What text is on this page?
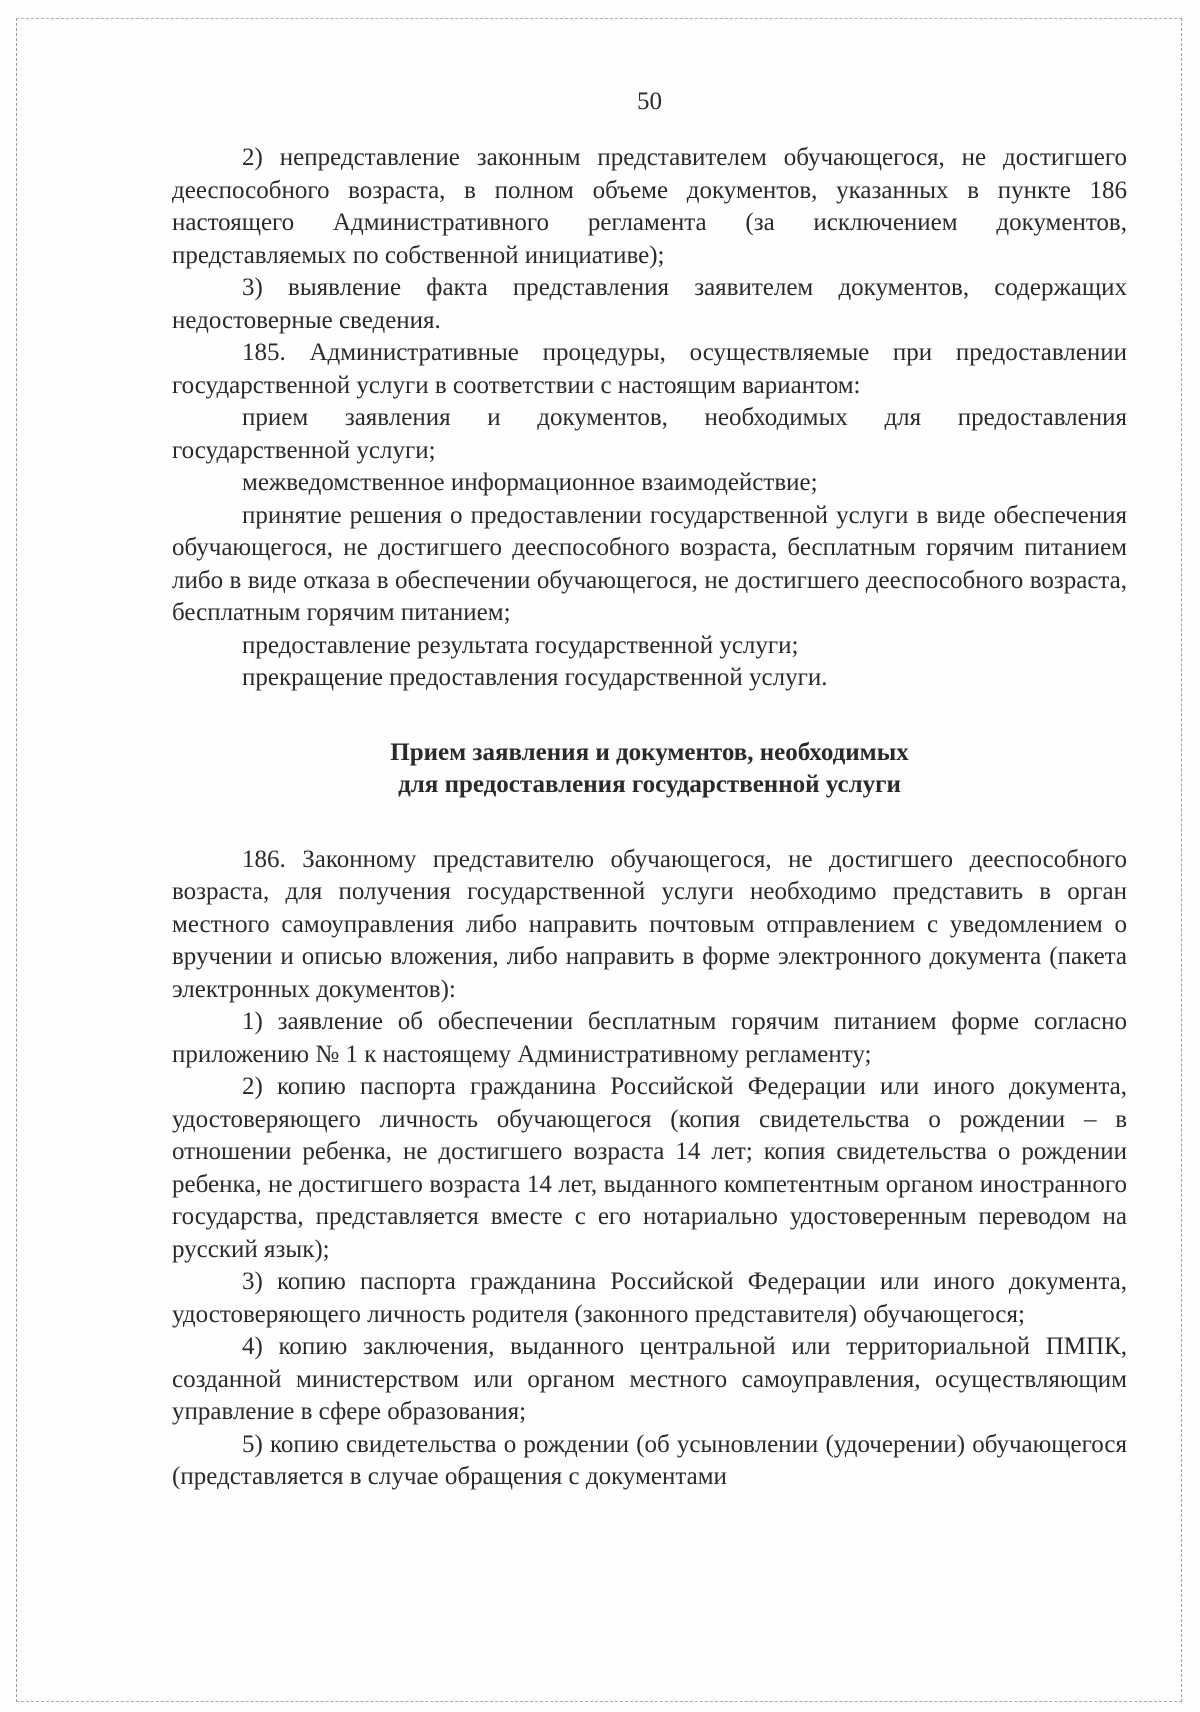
50

2) непредставление законным представителем обучающегося, не достигшего дееспособного возраста, в полном объеме документов, указанных в пункте 186 настоящего Административного регламента (за исключением документов, представляемых по собственной инициативе);

3) выявление факта представления заявителем документов, содержащих недостоверные сведения.

185. Административные процедуры, осуществляемые при предоставлении государственной услуги в соответствии с настоящим вариантом:

прием заявления и документов, необходимых для предоставления государственной услуги;

межведомственное информационное взаимодействие;

принятие решения о предоставлении государственной услуги в виде обеспечения обучающегося, не достигшего дееспособного возраста, бесплатным горячим питанием либо в виде отказа в обеспечении обучающегося, не достигшего дееспособного возраста, бесплатным горячим питанием;

предоставление результата государственной услуги;

прекращение предоставления государственной услуги.

Прием заявления и документов, необходимых
для предоставления государственной услуги

186. Законному представителю обучающегося, не достигшего дееспособного возраста, для получения государственной услуги необходимо представить в орган местного самоуправления либо направить почтовым отправлением с уведомлением о вручении и описью вложения, либо направить в форме электронного документа (пакета электронных документов):

1) заявление об обеспечении бесплатным горячим питанием форме согласно приложению № 1 к настоящему Административному регламенту;

2) копию паспорта гражданина Российской Федерации или иного документа, удостоверяющего личность обучающегося (копия свидетельства о рождении – в отношении ребенка, не достигшего возраста 14 лет; копия свидетельства о рождении ребенка, не достигшего возраста 14 лет, выданного компетентным органом иностранного государства, представляется вместе с его нотариально удостоверенным переводом на русский язык);

3) копию паспорта гражданина Российской Федерации или иного документа, удостоверяющего личность родителя (законного представителя) обучающегося;

4) копию заключения, выданного центральной или территориальной ПМПК, созданной министерством или органом местного самоуправления, осуществляющим управление в сфере образования;

5) копию свидетельства о рождении (об усыновлении (удочерении) обучающегося (представляется в случае обращения с документами
